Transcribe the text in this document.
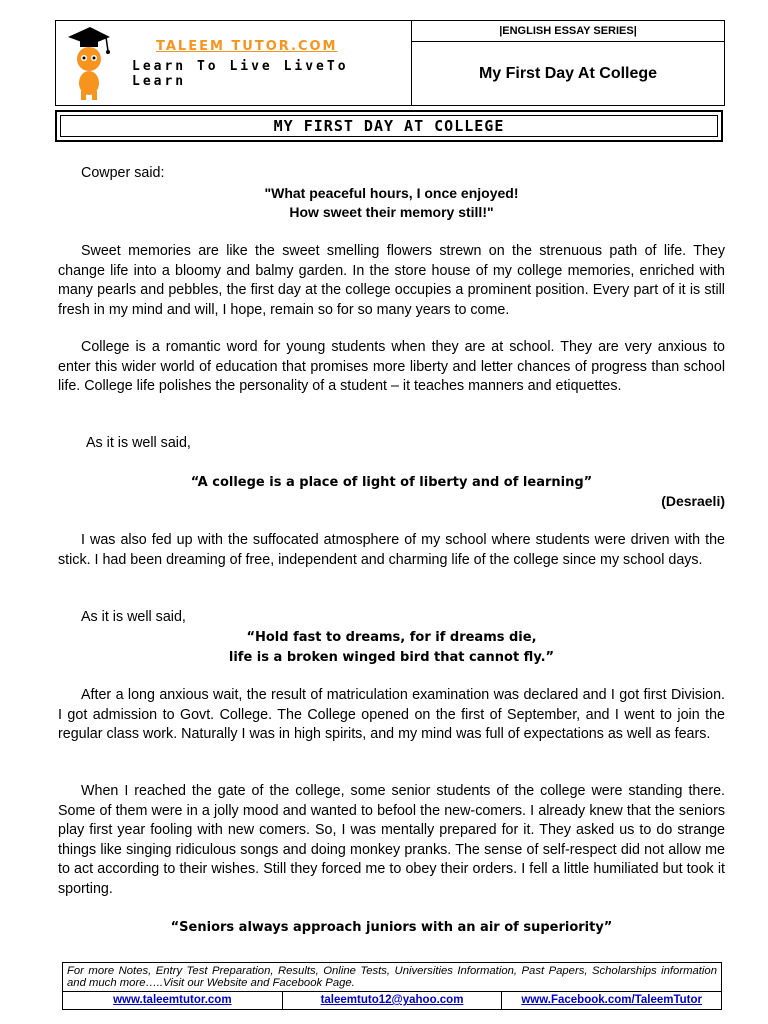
TALEEM TUTOR.COM
Learn To Live LiveTo Learn
|ENGLISH ESSAY SERIES|
My First Day At College
MY FIRST DAY AT COLLEGE
Cowper said:
"What peaceful hours, I once enjoyed!
How sweet their memory still!"
Sweet memories are like the sweet smelling flowers strewn on the strenuous path of life. They change life into a bloomy and balmy garden. In the store house of my college memories, enriched with many pearls and pebbles, the first day at the college occupies a prominent position. Every part of it is still fresh in my mind and will, I hope, remain so for so many years to come.
College is a romantic word for young students when they are at school. They are very anxious to enter this wider world of education that promises more liberty and letter chances of progress than school life. College life polishes the personality of a student – it teaches manners and etiquettes.
As it is well said,
“A college is a place of light of liberty and of learning”
(Desraeli)
I was also fed up with the suffocated atmosphere of my school where students were driven with the stick. I had been dreaming of free, independent and charming life of the college since my school days.
As it is well said,
“Hold fast to dreams, for if dreams die,
life is a broken winged bird that cannot fly.”
After a long anxious wait, the result of matriculation examination was declared and I got first Division. I got admission to Govt. College. The College opened on the first of September, and I went to join the regular class work. Naturally I was in high spirits, and my mind was full of expectations as well as fears.
When I reached the gate of the college, some senior students of the college were standing there. Some of them were in a jolly mood and wanted to befool the new-comers. I already knew that the seniors play first year fooling with new comers. So, I was mentally prepared for it. They asked us to do strange things like singing ridiculous songs and doing monkey pranks. The sense of self-respect did not allow me to act according to their wishes. Still they forced me to obey their orders. I fell a little humiliated but took it sporting.
“Seniors always approach juniors with an air of superiority”
For more Notes, Entry Test Preparation, Results, Online Tests, Universities Information, Past Papers, Scholarships information and much more…..Visit our Website and Facebook Page.
www.taleemtutor.com	taleemtuto12@yahoo.com	www.Facebook.com/TaleemTutor
